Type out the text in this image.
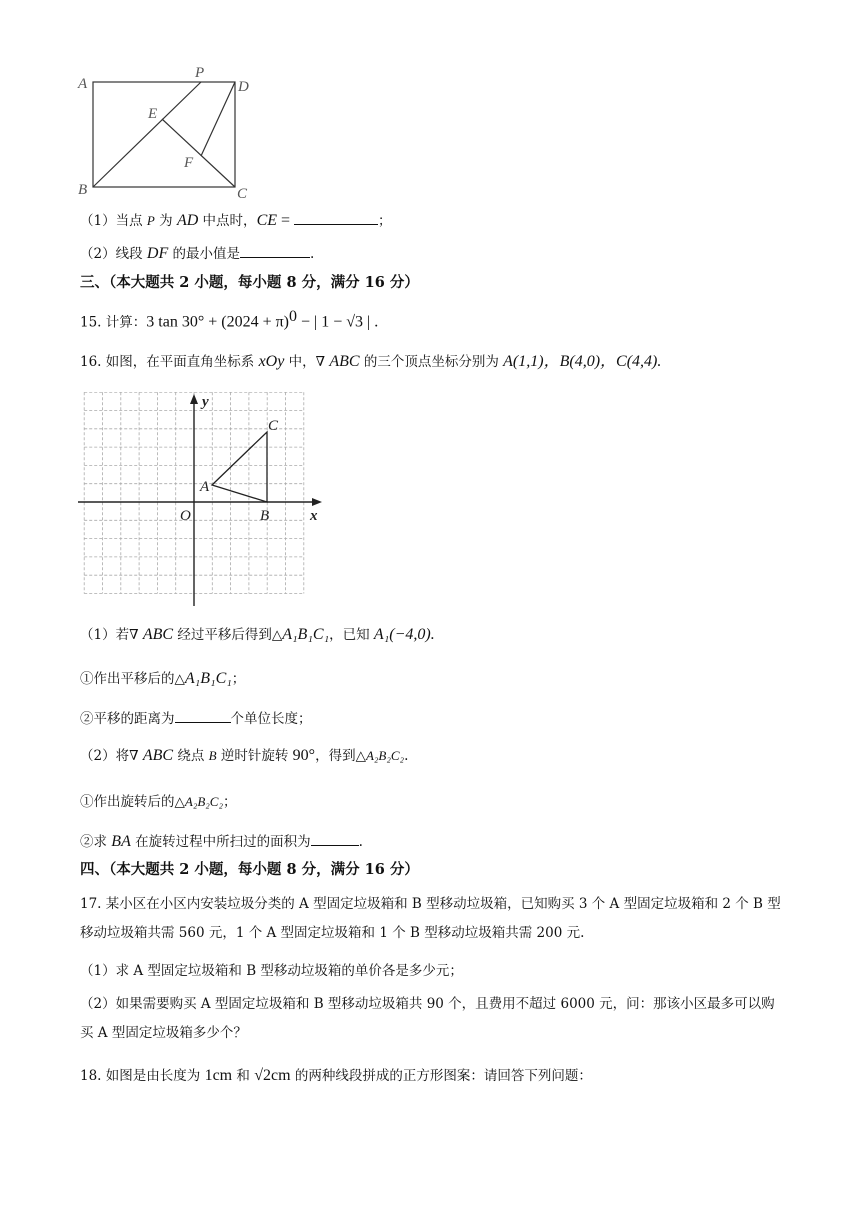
A
P
D
E
F
B	C
（1）当点 P 为 AD 中点时，CE =	；
（2）线段 DF 的最小值是	.
三、（本大题共 2 小题，每小题 8 分，满分 16 分）
15. 计算：3 $\tan 30^\circ + (2024 + \pi)^0$ − | 1 − √3 | .
16. 如图，在平面直角坐标系 xOy 中，∇ ABC 的三个顶点坐标分别为 A(1,1)，B(4,0)，C(4,4).
y
x
O
A
B
C
（1）若∇ ABC 经过平移后得到△A₁B₁C₁，已知 A₁(−4,0).
①作出平移后的△A₁B₁C₁；
②平移的距离为	个单位长度；
（2）将∇ ABC 绕点 B 逆时针旋转 90°，得到△A₂B₂C₂.
①作出旋转后的△A₂B₂C₂；
②求 BA 在旋转过程中所扫过的面积为	.
四、（本大题共 2 小题，每小题 8 分，满分 16 分）
17. 某小区在小区内安装垃圾分类的 A 型固定垃圾箱和 B 型移动垃圾箱，已知购买 3 个 A 型固定垃圾箱和 2 个 B 型移动垃圾箱共需 560 元，1 个 A 型固定垃圾箱和 1 个 B 型移动垃圾箱共需 200 元.
（1）求 A 型固定垃圾箱和 B 型移动垃圾箱的单价各是多少元；
（2）如果需要购买 A 型固定垃圾箱和 B 型移动垃圾箱共 90 个，且费用不超过 6000 元，问：那该小区最多可以购买 A 型固定垃圾箱多少个？
18. 如图是由长度为 1cm 和 √2cm 的两种线段拼成的正方形图案：请回答下列问题：
